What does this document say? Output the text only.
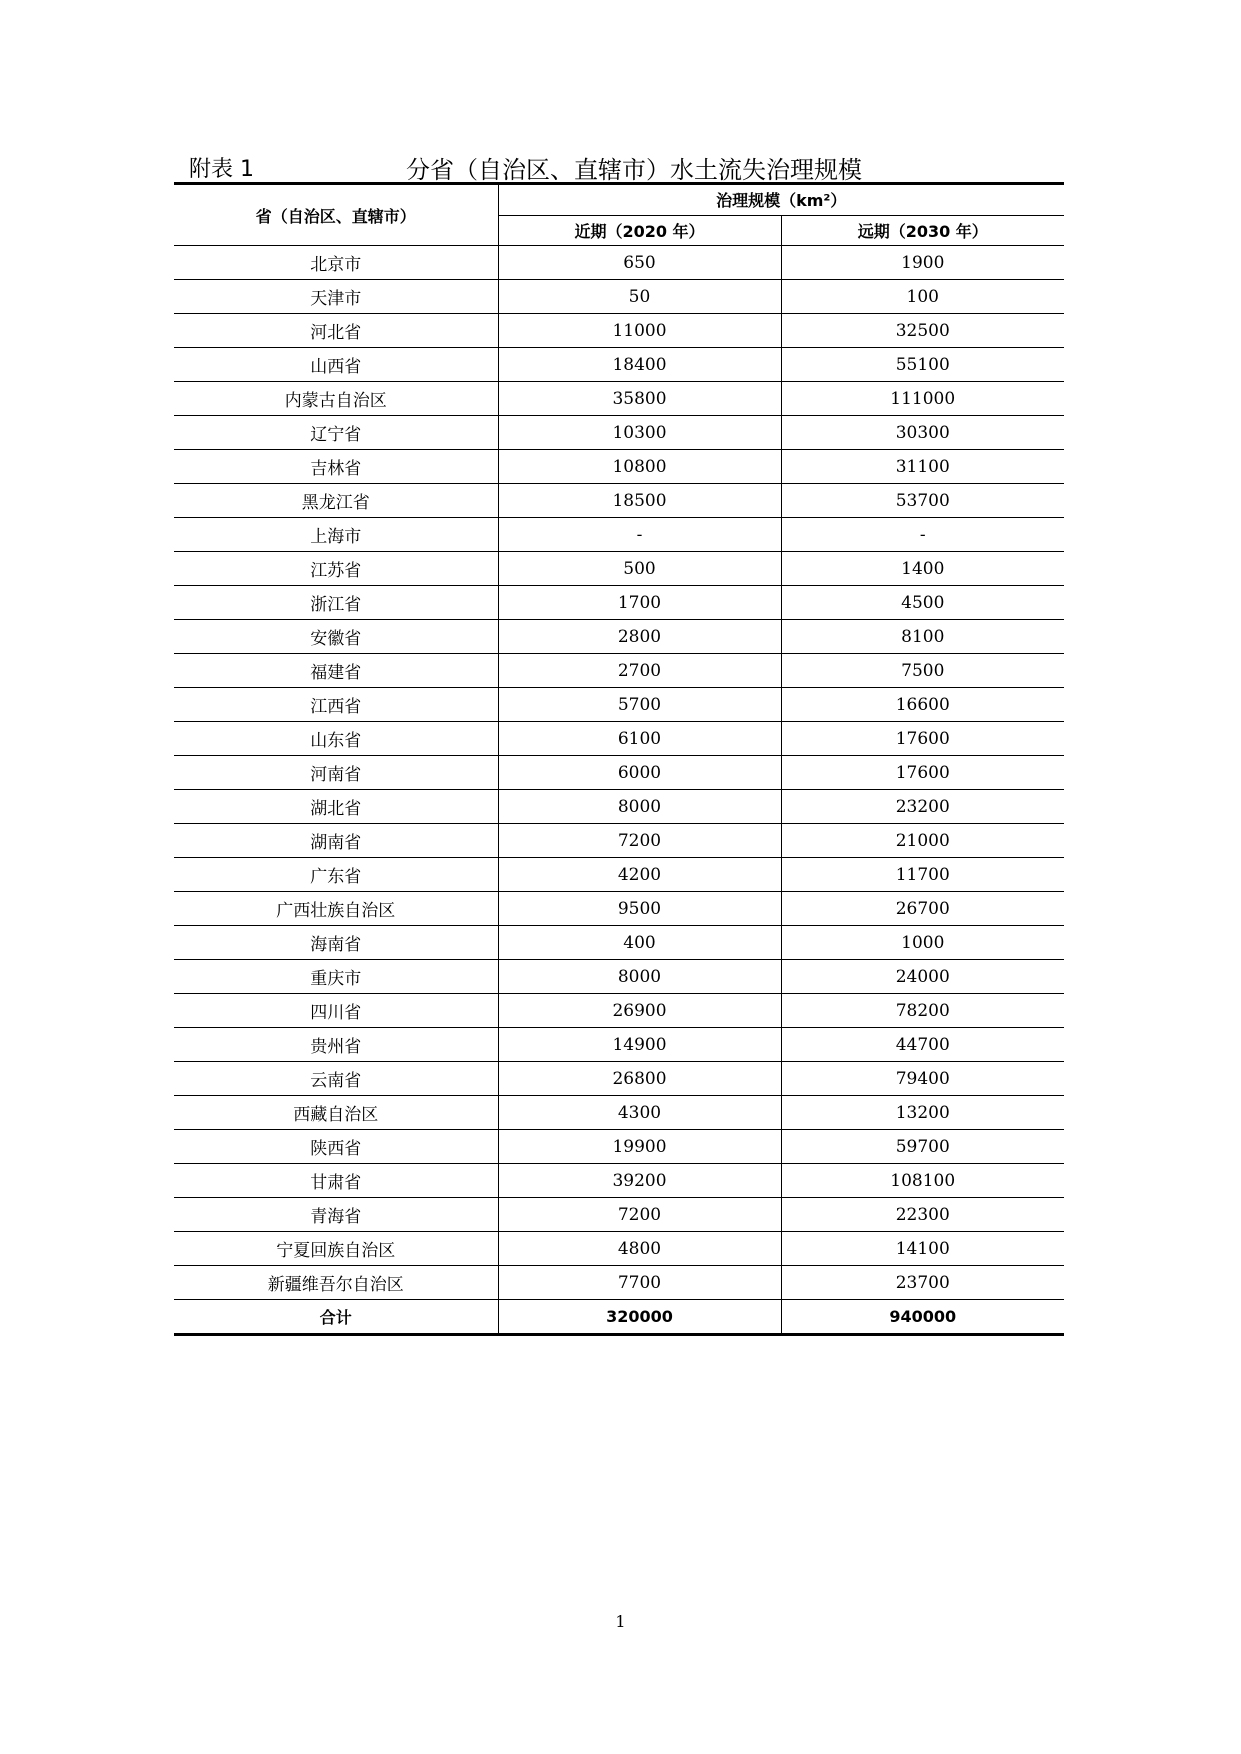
附表 1	分省（自治区、直辖市）水土流失治理规模
省（自治区、直辖市）	治理规模（km²）	
	近期（2020 年）	远期（2030 年）
北京市	650	1900
天津市	50	100
河北省	11000	32500
山西省	18400	55100
内蒙古自治区	35800	111000
辽宁省	10300	30300
吉林省	10800	31100
黑龙江省	18500	53700
上海市	-	-
江苏省	500	1400
浙江省	1700	4500
安徽省	2800	8100
福建省	2700	7500
江西省	5700	16600
山东省	6100	17600
河南省	6000	17600
湖北省	8000	23200
湖南省	7200	21000
广东省	4200	11700
广西壮族自治区	9500	26700
海南省	400	1000
重庆市	8000	24000
四川省	26900	78200
贵州省	14900	44700
云南省	26800	79400
西藏自治区	4300	13200
陕西省	19900	59700
甘肃省	39200	108100
青海省	7200	22300
宁夏回族自治区	4800	14100
新疆维吾尔自治区	7700	23700
合计	320000	940000
1
